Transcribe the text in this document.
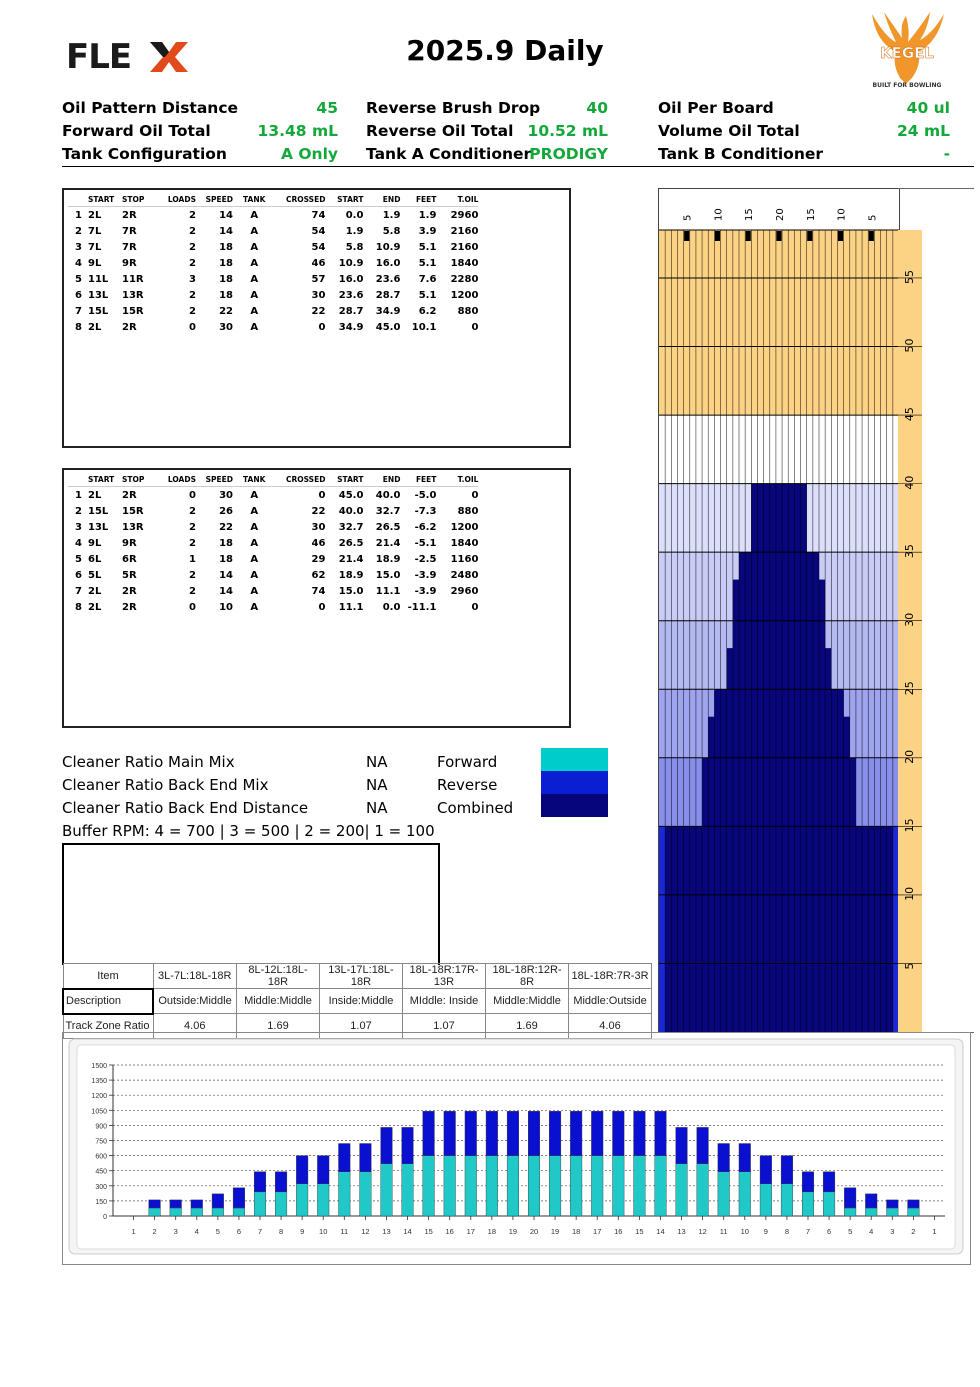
FLE	2025.9 Daily	KEGEL
BUILT FOR BOWLING
Oil Pattern Distance	45 Reverse Brush Drop	40	Oil Per Board	40 ul
Forward Oil Total	13.48 mL Reverse Oil Total 10.52 mL	Volume Oil Total	24 mL
Tank Configuration	A Only Tank A Conditioner
PRODIGY	Tank B Conditioner	-
	START	STOP	LOADS	SPEED	TANK	CROSSED	START	END	FEET	T.OIL
1	2L	2R	2	14	A	74	0.0	1.9	1.9	2960
2	7L	7R	2	14	A	54	1.9	5.8	3.9	2160
3	7L	7R	2	18	A	54	5.8	10.9	5.1	2160
4	9L	9R	2	18	A	46	10.9	16.0	5.1	1840
5	11L	11R	3	18	A	57	16.0	23.6	7.6	2280
6	13L	13R	2	18	A	30	23.6	28.7	5.1	1200
7	15L	15R	2	22	A	22	28.7	34.9	6.2	880
8	2L	2R	0	30	A	0	34.9	45.0	10.1	0
	START	STOP	LOADS	SPEED	TANK	CROSSED	START	END	FEET	T.OIL
1	2L	2R	0	30	A	0	45.0	40.0	-5.0	0
2	15L	15R	2	26	A	22	40.0	32.7	-7.3	880
3	13L	13R	2	22	A	30	32.7	26.5	-6.2	1200
4	9L	9R	2	18	A	46	26.5	21.4	-5.1	1840
5	6L	6R	1	18	A	29	21.4	18.9	-2.5	1160
6	5L	5R	2	14	A	62	18.9	15.0	-3.9	2480
7	2L	2R	2	14	A	74	15.0	11.1	-3.9	2960
8	2L	2R	0	10	A	0	11.1	0.0	-11.1	0
Cleaner Ratio Main Mix	NA
Cleaner Ratio Back End Mix	NA
Cleaner Ratio Back End Distance	NA
Buffer RPM: 4 = 700 | 3 = 500 | 2 = 200| 1 = 100
Forward
Reverse
Combined
Item	3L-7L:18L-18R	8L-12L:18L-18R	13L-17L:18L-18R	18L-18R:17R-13R	18L-18R:12R-8R	18L-18R:7R-3R
Description	Outside:Middle	Middle:Middle	Inside:Middle	MIddle: Inside	Middle:Middle	Middle:Outside
Track Zone Ratio	4.06	1.69	1.07	1.07	1.69	4.06
5 10 15 20 15 10 5
5
10
15
20
25
30
35
40
45
50
55
0
150
300
450
600
750
900
1050
1200
1350
1500
1 2 3 4 5 6 7 8 9 10 11 12 13 14 15 16 17 18 19 20 19 18 17 16 15 14 13 12 11 10 9 8 7 6 5 4 3 2 1
